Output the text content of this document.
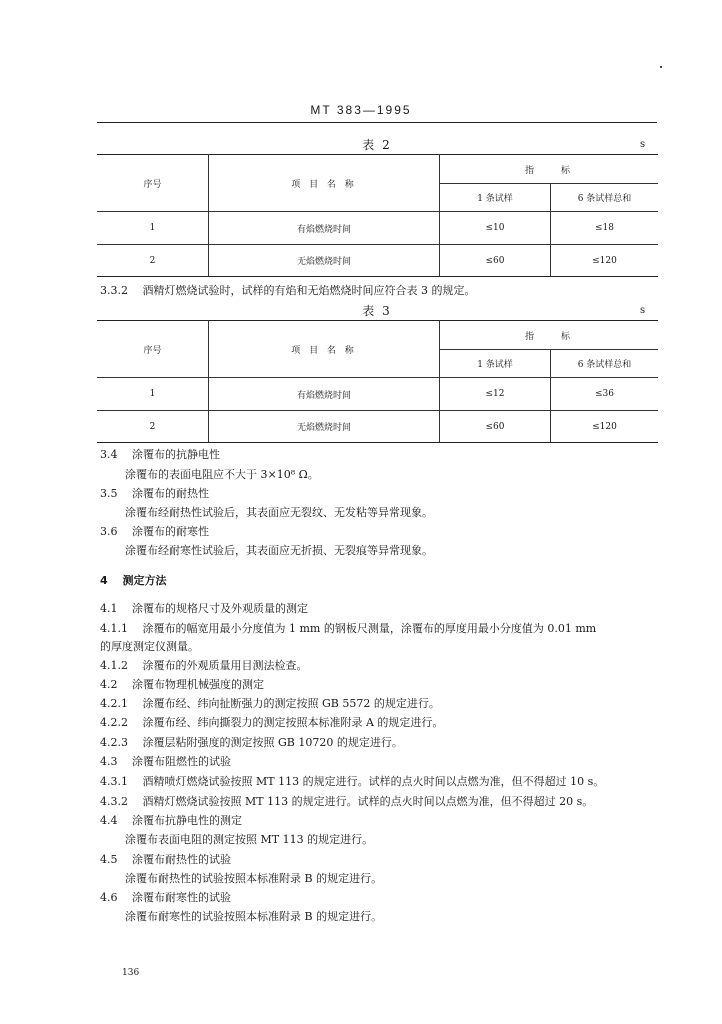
MT 383—1995
表 2	s
序号	项 目 名 称	指　　标	
		1 条试样	6 条试样总和
1	有焰燃烧时间	≤10	≤18
2	无焰燃烧时间	≤60	≤120
3.3.2　 酒精灯燃烧试验时，试样的有焰和无焰燃烧时间应符合表 3 的规定。
表 3	s
序号	项 目 名 称	指　　标	
		1 条试样	6 条试样总和
1	有焰燃烧时间	≤12	≤36
2	无焰燃烧时间	≤60	≤120
3.4　 涂覆布的抗静电性
涂覆布的表面电阻应不大于 3×10⁸ Ω。
3.5　 涂覆布的耐热性
涂覆布经耐热性试验后，其表面应无裂纹、无发粘等异常现象。
3.6　 涂覆布的耐寒性
涂覆布经耐寒性试验后，其表面应无折损、无裂痕等异常现象。
4　 测定方法
4.1　 涂覆布的规格尺寸及外观质量的测定
4.1.1　 涂覆布的幅宽用最小分度值为 1 mm 的钢板尺测量，涂覆布的厚度用最小分度值为 0.01 mm
的厚度测定仪测量。
4.1.2　 涂覆布的外观质量用目测法检查。
4.2　 涂覆布物理机械强度的测定
4.2.1　 涂覆布经、纬向扯断强力的测定按照 GB 5572 的规定进行。
4.2.2　 涂覆布经、纬向撕裂力的测定按照本标准附录 A 的规定进行。
4.2.3　 涂覆层粘附强度的测定按照 GB 10720 的规定进行。
4.3　 涂覆布阻燃性的试验
4.3.1　 酒精喷灯燃烧试验按照 MT 113 的规定进行。试样的点火时间以点燃为准，但不得超过 10 s。
4.3.2　 酒精灯燃烧试验按照 MT 113 的规定进行。试样的点火时间以点燃为准，但不得超过 20 s。
4.4　 涂覆布抗静电性的测定
涂覆布表面电阻的测定按照 MT 113 的规定进行。
4.5　 涂覆布耐热性的试验
涂覆布耐热性的试验按照本标准附录 B 的规定进行。
4.6　 涂覆布耐寒性的试验
涂覆布耐寒性的试验按照本标准附录 B 的规定进行。
136
